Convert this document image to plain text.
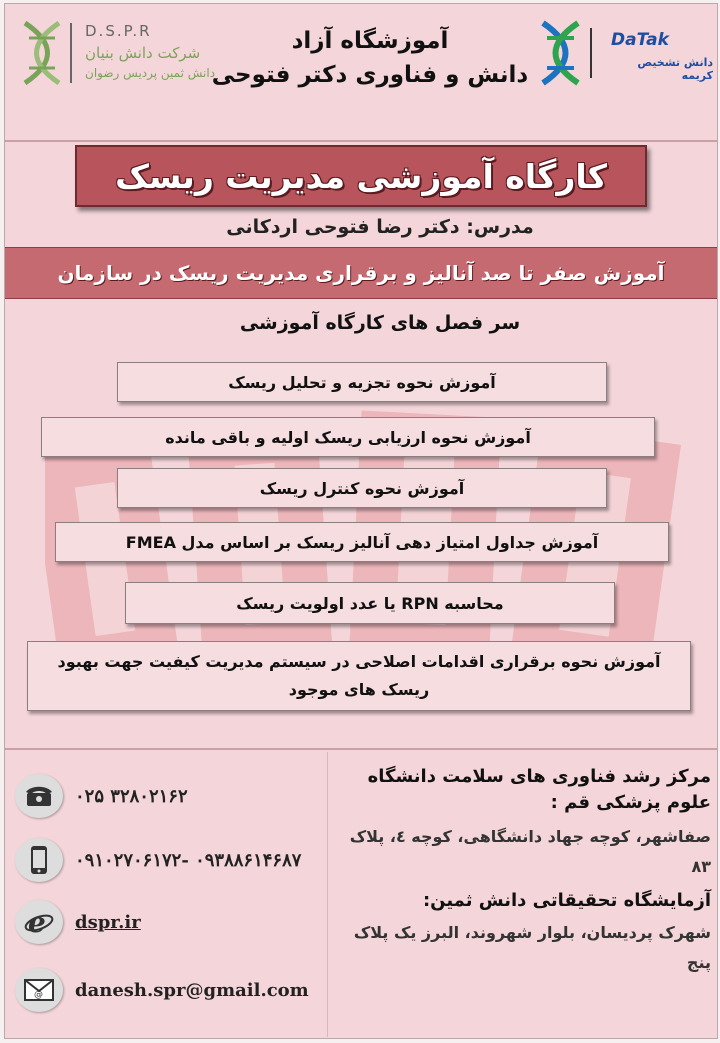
DaTak
دانش تشخیص کریمه
D.S.P.R
شرکت دانش بنیان
دانش ثمین پردیس رضوان
آموزشگاه آزاد
دانش و فناوری دکتر فتوحی
کارگاه آموزشی مدیریت ریسک
مدرس: دکتر رضا فتوحی اردکانی
آموزش صفر تا صد آنالیز و برقراری مدیریت ریسک در سازمان
سر فصل های کارگاه آموزشی
آموزش نحوه تجزیه و تحلیل ریسک
آموزش نحوه ارزیابی ریسک اولیه و باقی مانده
آموزش نحوه کنترل ریسک
آموزش جداول امتیاز دهی آنالیز ریسک بر اساس مدل FMEA
محاسبه RPN یا عدد اولویت ریسک
آموزش نحوه برقراری اقدامات اصلاحی در سیستم مدیریت کیفیت جهت بهبود ریسک های موجود
۰۲۵ ۳۲۸۰۲۱۶۲
۰۹۱۰۲۷۰۶۱۷۲- ۰۹۳۸۸۶۱۴۶۸۷
e dspr.ir
@ danesh.spr@gmail.com
مرکز رشد فناوری های سلامت دانشگاه علوم پزشکی قم :
صفاشهر، کوچه جهاد دانشگاهی، کوچه ٤، پلاک ۸۳
آزمایشگاه تحقیقاتی دانش ثمین:
شهرک پردیسان، بلوار شهروند، البرز یک پلاک پنج
